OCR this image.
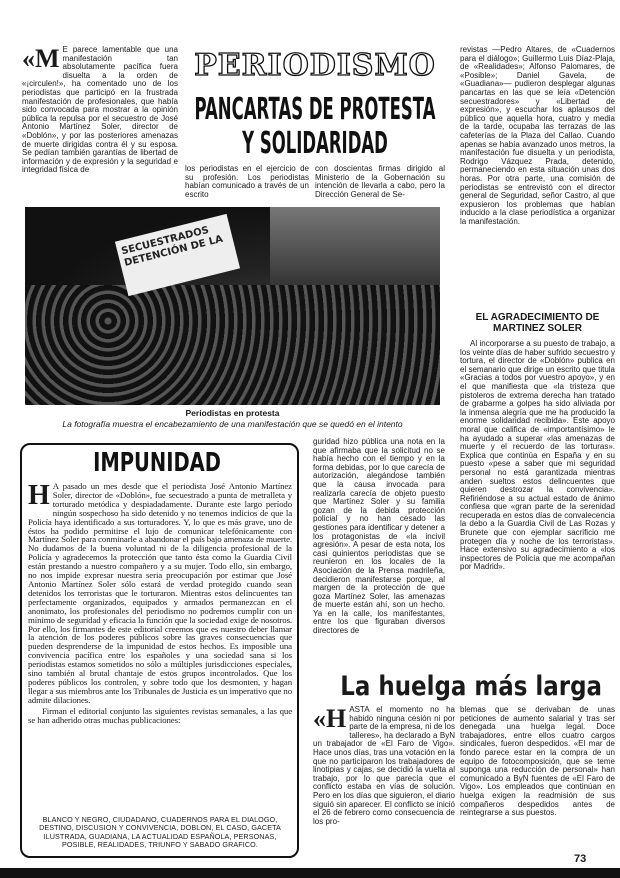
«M E parece lamentable que una manifestación tan absolutamente pacífica fuera disuelta a la orden de «¡circulen!», ha comentado uno de los periodistas que participó en la frustrada manifestación de profesionales, que había sido convocada para mostrar a la opinión pública la repulsa por el secuestro de José Antonio Martínez Soler, director de «Doblón», y por las posteriores amenazas de muerte dirigidas contra él y su esposa. Se pedían también garantías de libertad de información y de expresión y la seguridad e integridad física de
PERIODISMO
PANCARTAS DE PROTESTA Y SOLIDARIDAD
los periodistas en el ejercicio de su profesión. Los periodistas habían comunicado a través de un escrito
con doscientas firmas dirigido al Ministerio de la Gobernación su intención de llevarla a cabo, pero la Dirección General de Se-
revistas —Pedro Altares, de «Cuadernos para el diálogo»; Guillermo Luis Díaz-Plaja, de «Realidades»; Alfonso Palomares, de «Posible»; Daniel Gavela, de «Guadiana»— pudieron desplegar algunas pancartas en las que se leía «Detención secuestradores» y «Libertad de expresión», y escuchar los aplausos del público que aquella hora, cuatro y media de la tarde, ocupaba las terrazas de las cafeterías de la Plaza del Callao. Cuando apenas se había avanzado unos metros, la manifestación fue disuelta y un periodista, Rodrigo Vázquez Prada, detenido, permaneciendo en esta situación unas dos horas. Por otra parte, una comisión de periodistas se entrevistó con el director general de Seguridad, señor Castro, al que expusieron los problemas que habían inducido a la clase periodística a organizar la manifestación.
SECUESTRADOS DETENCIÓN DE LA
Periodistas en protesta
La fotografía muestra el encabezamiento de una manifestación que se quedó en el intento
guridad hizo pública una nota en la que afirmaba que la solicitud no se había hecho con el tiempo y en la forma debidas, por lo que carecía de autorización, alegándose también que la causa invocada para realizarla carecía de objeto puesto que Martínez Soler y su familia gozan de la debida protección policial y no han cesado las gestiones para identificar y detener a los protagonistas de «la incivil agresión». A pesar de esta nota, los casi quinientos periodistas que se reunieron en los locales de la Asociación de la Prensa madrileña, decidieron manifestarse porque, al margen de la protección de que goza Martínez Soler, las amenazas de muerte están ahí, son un hecho. Ya en la calle, los manifestantes, entre los que figuraban diversos directores de
EL AGRADECIMIENTO DE MARTINEZ SOLER
Al incorporarse a su puesto de trabajo, a los veinte días de haber sufrido secuestro y tortura, el director de «Doblón» publica en el semanario que dirige un escrito que titula «Gracias a todos por vuestro apoyo», y en el que manifiesta que «la tristeza que pistoleros de extrema derecha han tratado de grabarme a golpes ha sido aliviada por la inmensa alegría que me ha producido la enorme solidaridad recibida». Este apoyo moral que califica de «importantísimo» le ha ayudado a superar «las amenazas de muerte y el recuerdo de las torturas». Explica que continúa en España y en su puesto «pese a saber que mi seguridad personal no está garantizada mientras anden sueltos estos delincuentes que quieren destrozar la convivencia». Refiriéndose a su actual estado de ánimo confiesa que «gran parte de la serenidad recuperada en estos días de convalecencia la debo a la Guardia Civil de Las Rozas y Brunete que con ejemplar sacrificio me protegen día y noche de los terroristas». Hace extensivo su agradecimiento a «los inspectores de Policía que me acompañan por Madrid».
IMPUNIDAD
H A pasado un mes desde que el periodista José Antonio Martínez Soler, director de «Doblón», fue secuestrado a punta de metralleta y torturado metódica y despiadadamente. Durante este largo período ningún sospechoso ha sido detenido y no tenemos indicios de que la Policía haya identificado a sus torturadores. Y, lo que es más grave, uno de éstos ha podido permitirse el lujo de comunicar telefónicamente con Martínez Soler para conminarle a abandonar el país bajo amenaza de muerte. No dudamos de la buena voluntad ni de la diligencia profesional de la Policía y agradecemos la protección que tanto ésta como la Guardia Civil están prestando a nuestro compañero y a su mujer. Todo ello, sin embargo, no nos impide expresar nuestra seria preocupación por estimar que José Antonio Martínez Soler sólo estará de verdad protegido cuando sean detenidos los terroristas que le torturaron. Mientras estos delincuentes tan perfectamente organizados, equipados y armados permanezcan en el anonimato, los profesionales del periodismo no podremos cumplir con un mínimo de seguridad y eficacia la función que la sociedad exige de nosotros. Por ello, los firmantes de este editorial creemos que es nuestro deber llamar la atención de los poderes públicos sobre las graves consecuencias que pueden desprenderse de la impunidad de estos hechos. Es imposible una convivencia pacífica entre los españoles y una sociedad sana si los periodistas estamos sometidos no sólo a múltiples jurisdicciones especiales, sino también al brutal chantaje de estos grupos incontrolados. Que los poderes públicos los controlen, y sobre todo que los desmonten, y hagan llegar a sus miembros ante los Tribunales de Justicia es un imperativo que no admite dilaciones.
Firman el editorial conjunto las siguientes revistas semanales, a las que se han adherido otras muchas publicaciones:
BLANCO Y NEGRO, CIUDADANO, CUADERNOS PARA EL DIALOGO, DESTINO, DISCUSION Y CONVIVENCIA, DOBLON, EL CASO, GACETA ILUSTRADA, GUADIANA, LA ACTUALIDAD ESPAÑOLA, PERSONAS, POSIBLE, REALIDADES, TRIUNFO Y SABADO GRAFICO.
La huelga más larga
«HASTA el momento no ha habido ninguna cesión ni por parte de la empresa, ni de los talleres», ha declarado a ByN un trabajador de «El Faro de Vigo». Hace unos días, tras una votación en la que no participaron los trabajadores de linotipias y cajas, se decidió la vuelta al trabajo, por lo que parecía que el conflicto estaba en vías de solución. Pero en los días que siguieron, el diario siguió sin aparecer. El conflicto se inició el 26 de febrero como consecuencia de los pro-
blemas que se derivaban de unas peticiones de aumento salarial y tras ser denegada una huelga legal. Doce trabajadores, entre ellos cuatro cargos sindicales, fueron despedidos. «El mar de fondo parece estar en la compra de un equipo de fotocomposición, que se teme suponga una reducción de personal» han comunicado a ByN fuentes de «El Faro de Vigo». Los empleados que continúan en huelga exigen la readmisión de sus compañeros despedidos antes de reintegrarse a sus puestos.
73
